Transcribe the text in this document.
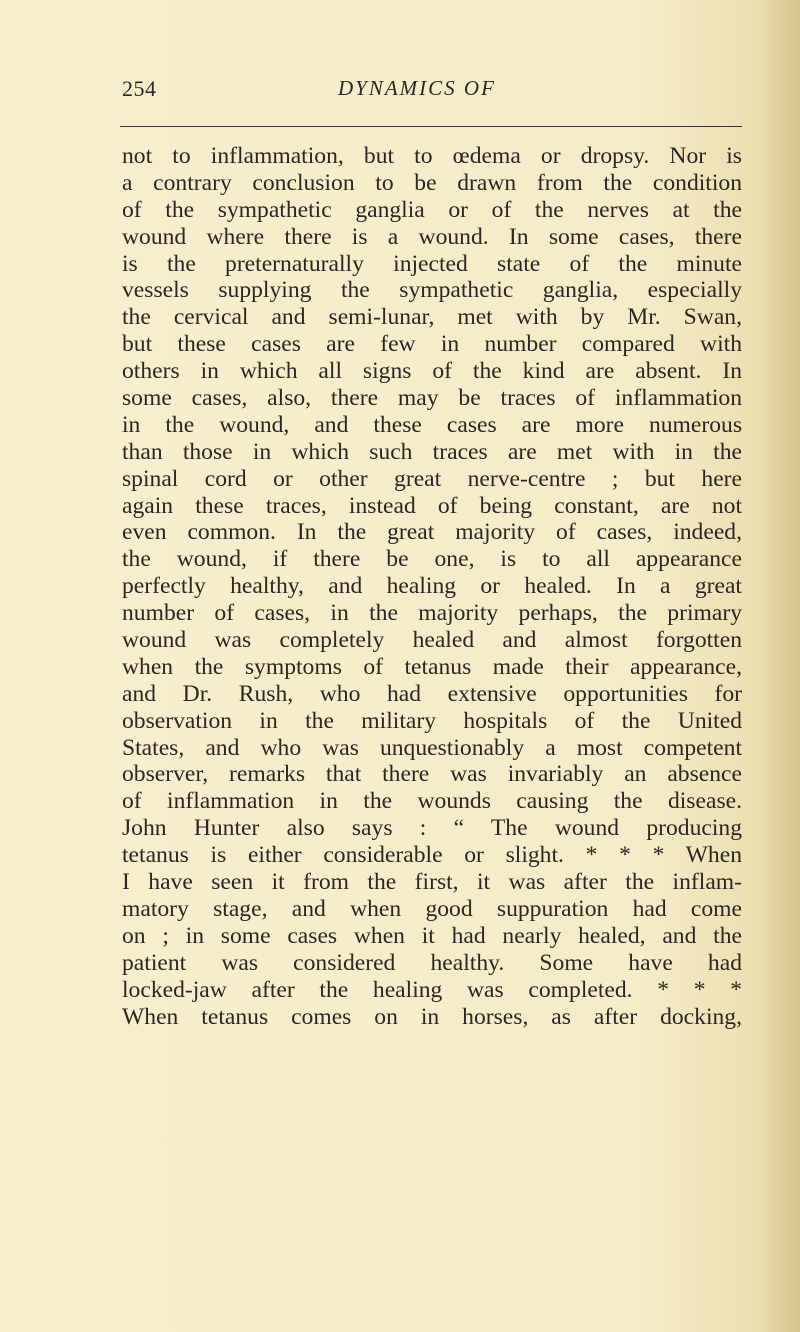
254	DYNAMICS OF
not to inflammation, but to œdema or dropsy. Nor is
a contrary conclusion to be drawn from the condition
of the sympathetic ganglia or of the nerves at the
wound where there is a wound. In some cases, there
is the preternaturally injected state of the minute
vessels supplying the sympathetic ganglia, especially
the cervical and semi-lunar, met with by Mr. Swan,
but these cases are few in number compared with
others in which all signs of the kind are absent. In
some cases, also, there may be traces of inflammation
in the wound, and these cases are more numerous
than those in which such traces are met with in the
spinal cord or other great nerve-centre ; but here
again these traces, instead of being constant, are not
even common. In the great majority of cases, indeed,
the wound, if there be one, is to all appearance
perfectly healthy, and healing or healed. In a great
number of cases, in the majority perhaps, the primary
wound was completely healed and almost forgotten
when the symptoms of tetanus made their appearance,
and Dr. Rush, who had extensive opportunities for
observation in the military hospitals of the United
States, and who was unquestionably a most competent
observer, remarks that there was invariably an absence
of inflammation in the wounds causing the disease.
John Hunter also says : “ The wound producing
tetanus is either considerable or slight. * * * When
I have seen it from the first, it was after the inflam-
matory stage, and when good suppuration had come
on ; in some cases when it had nearly healed, and the
patient was considered healthy. Some have had
locked-jaw after the healing was completed. * * *
When tetanus comes on in horses, as after docking,
